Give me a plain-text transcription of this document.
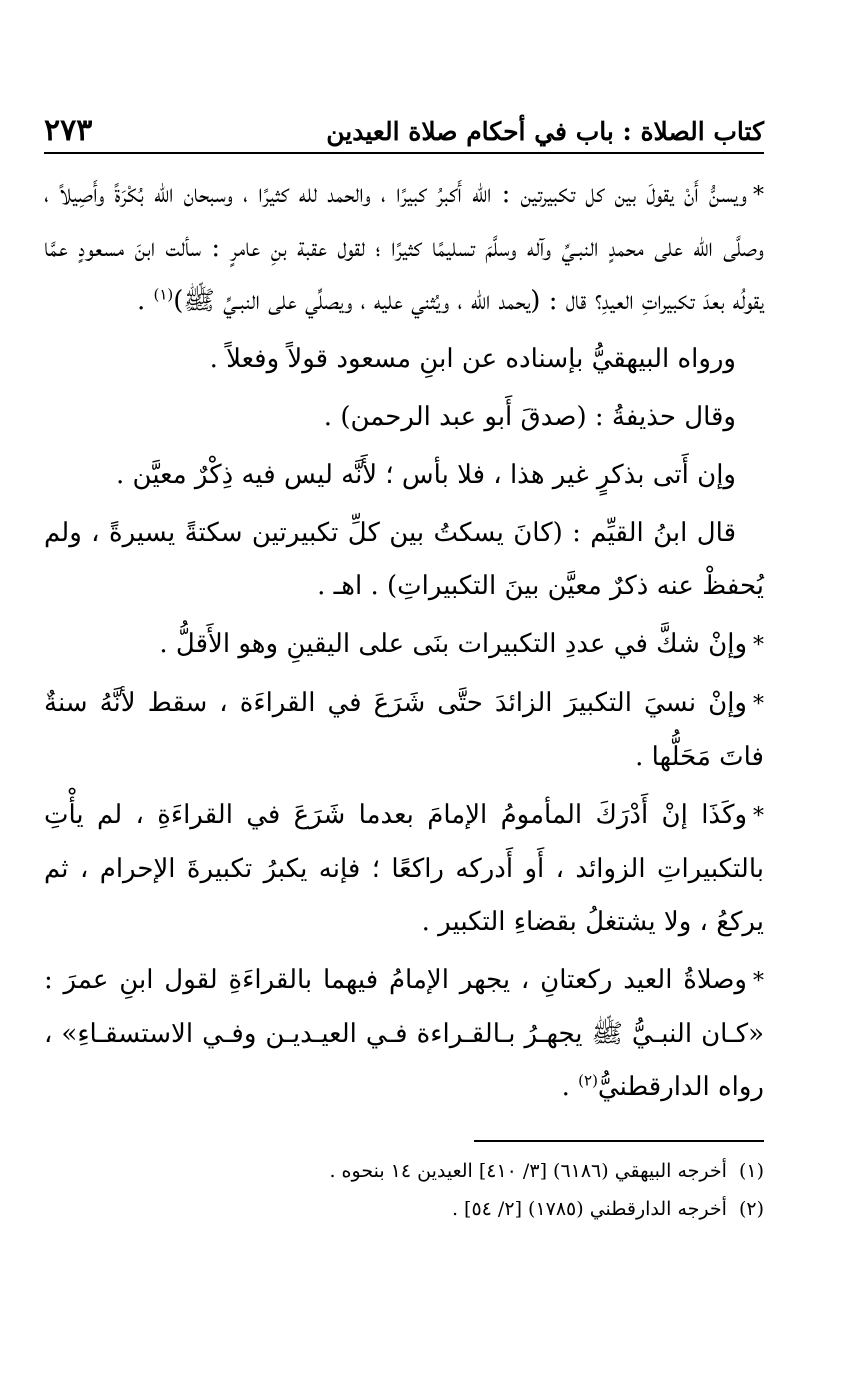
كتاب الصلاة : باب في أحكام صلاة العيدين
٢٧٣

*ويسنُّ أَنْ يقولَ بين كل تكبيرتين : الله أَكبرُ كبيرًا ، والحمد لله كثيرًا ، وسبحان الله بُكْرَةً وأَصِيلاً ، وصلَّى الله على محمدٍ النبـيِّ وآله وسلَّمَ تسليمًا كثيرًا ؛ لقول عقبة بنِ عامرٍ : سألت ابنَ مسعودٍ عمَّا يقولُه بعدَ تكبيراتِ العيدِ؟ قال : (يحمد الله ، ويُثني عليه ، ويصلِّي على النبـيِّ ﷺ)$^{(١)}$ .

ورواه البيهقيُّ بإسناده عن ابنِ مسعود قولاً وفعلاً .

وقال حذيفةُ : (صدقَ أَبو عبد الرحمن) .

وإن أَتى بذكرٍ غير هذا ، فلا بأس ؛ لأَنَّه ليس فيه ذِكْرٌ معيَّن .

قال ابنُ القيِّم : (كانَ يسكتُ بين كلِّ تكبيرتين سكتةً يسيرةً ، ولم يُحفظْ عنه ذكرٌ معيَّن بينَ التكبيراتِ) . اهـ .

*وإنْ شكَّ في عددِ التكبيرات بنَى على اليقينِ وهو الأَقلُّ .

*وإنْ نسيَ التكبيرَ الزائدَ حتَّى شَرَعَ في القراءَة ، سقط لأنَّهُ سنةٌ فاتَ مَحَلُّها .

*وكَذَا إنْ أَدْرَكَ المأمومُ الإمامَ بعدما شَرَعَ في القراءَةِ ، لم يأْتِ بالتكبيراتِ الزوائد ، أَو أَدركه راكعًا ؛ فإنه يكبرُ تكبيرةَ الإحرام ، ثم يركعُ ، ولا يشتغلُ بقضاءِ التكبير .

*وصلاةُ العيد ركعتانِ ، يجهر الإمامُ فيهما بالقراءَةِ لقول ابنِ عمرَ : «كـان النبـيُّ ﷺ يجهـرُ بـالقـراءة فـي العيـديـن وفـي الاستسقـاءِ» ، رواه الدارقطنيُّ$^{(٢)}$ .

(١)أخرجه البيهقي (٦١٨٦) [٣/ ٤١٠] العيدين ١٤ بنحوه .
(٢)أخرجه الدارقطني (١٧٨٥) [٢/ ٥٤] .
